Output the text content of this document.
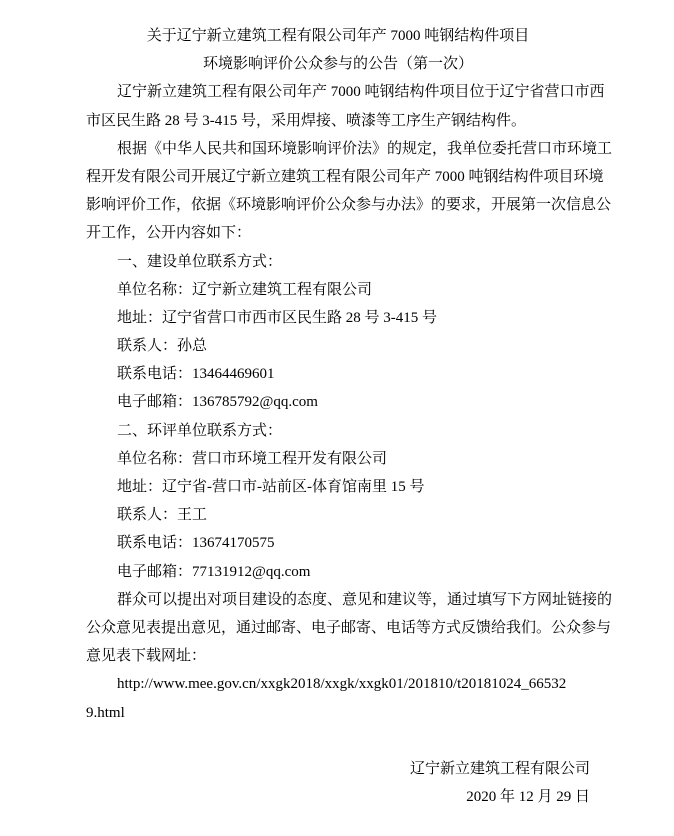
关于辽宁新立建筑工程有限公司年产 7000 吨钢结构件项目
环境影响评价公众参与的公告（第一次）
辽宁新立建筑工程有限公司年产 7000 吨钢结构件项目位于辽宁省营口市西
市区民生路 28 号 3-415 号，采用焊接、喷漆等工序生产钢结构件。
根据《中华人民共和国环境影响评价法》的规定，我单位委托营口市环境工
程开发有限公司开展辽宁新立建筑工程有限公司年产 7000 吨钢结构件项目环境
影响评价工作，依据《环境影响评价公众参与办法》的要求，开展第一次信息公
开工作，公开内容如下：
一、建设单位联系方式：
单位名称：辽宁新立建筑工程有限公司
地址：辽宁省营口市西市区民生路 28 号 3-415 号
联系人：孙总
联系电话：13464469601
电子邮箱：136785792@qq.com
二、环评单位联系方式：
单位名称：营口市环境工程开发有限公司
地址：辽宁省-营口市-站前区-体育馆南里 15 号
联系人：王工
联系电话：13674170575
电子邮箱：77131912@qq.com
群众可以提出对项目建设的态度、意见和建议等，通过填写下方网址链接的
公众意见表提出意见，通过邮寄、电子邮寄、电话等方式反馈给我们。公众参与
意见表下载网址：
http://www.mee.gov.cn/xxgk2018/xxgk/xxgk01/201810/t20181024_66532
9.html
辽宁新立建筑工程有限公司
2020 年 12 月 29 日
